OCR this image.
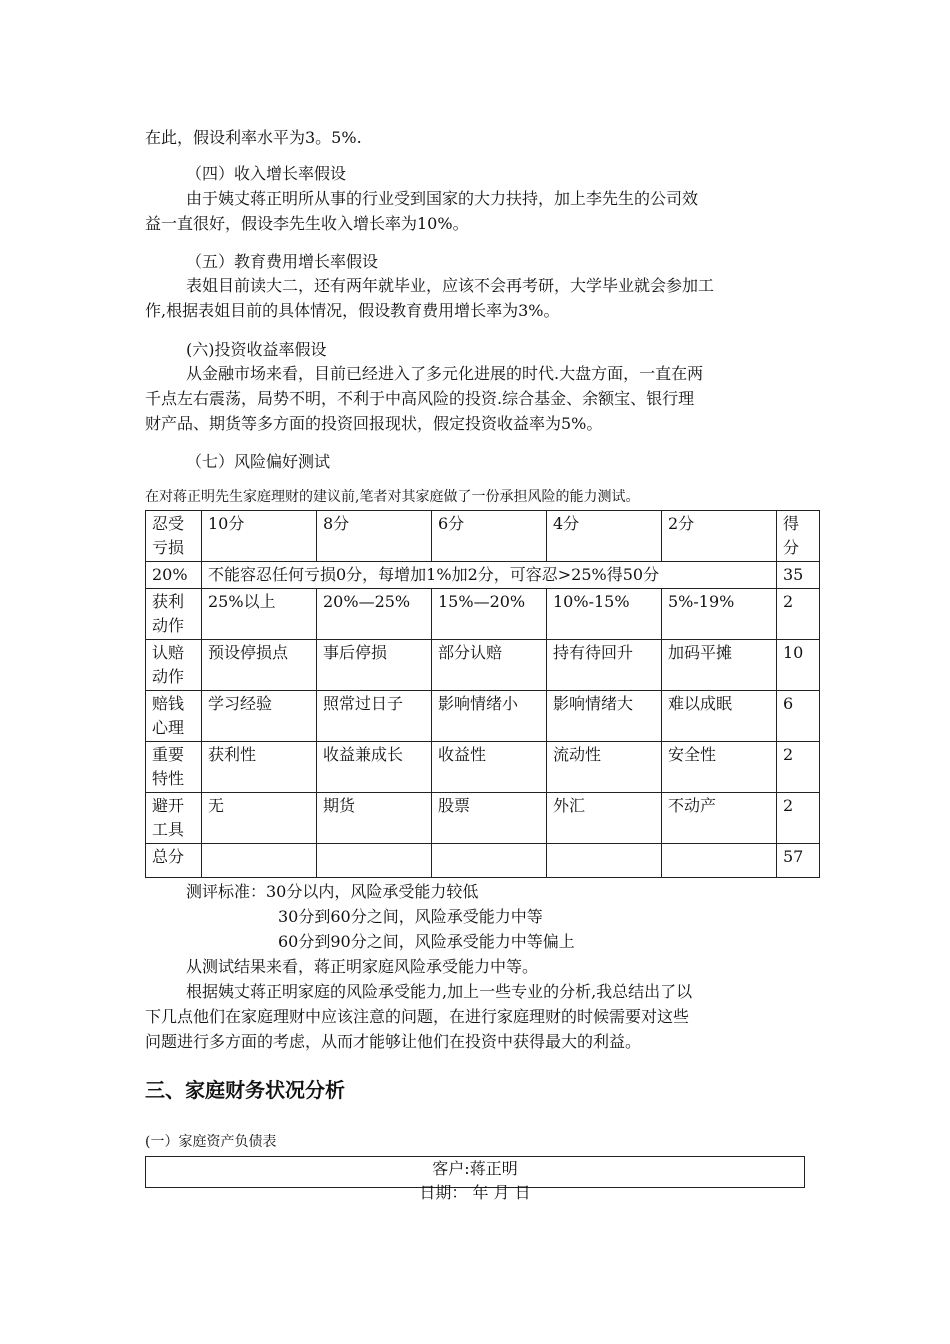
在此，假设利率水平为3。5%.
（四）收入增长率假设
由于姨丈蒋正明所从事的行业受到国家的大力扶持，加上李先生的公司效
益一直很好，假设李先生收入增长率为10%。
（五）教育费用增长率假设
表姐目前读大二，还有两年就毕业，应该不会再考研，大学毕业就会参加工
作,根据表姐目前的具体情况，假设教育费用增长率为3%。
(六)投资收益率假设
从金融市场来看，目前已经进入了多元化进展的时代.大盘方面，一直在两
千点左右震荡，局势不明，不利于中高风险的投资.综合基金、余额宝、银行理
财产品、期货等多方面的投资回报现状，假定投资收益率为5%。
（七）风险偏好测试
在对蒋正明先生家庭理财的建议前,笔者对其家庭做了一份承担风险的能力测试。
忍受亏损	10分	8分	6分	4分	2分	得分
20%	不能容忍任何亏损0分，每增加1%加2分，可容忍>25%得50分					35
获利动作	25%以上	20%—25%	15%—20%	10%-15%	5%-19%	2
认赔动作	预设停损点	事后停损	部分认赔	持有待回升	加码平摊	10
赔钱心理	学习经验	照常过日子	影响情绪小	影响情绪大	难以成眠	6
重要特性	获利性	收益兼成长	收益性	流动性	安全性	2
避开工具	无	期货	股票	外汇	不动产	2
总分						57
测评标准：30分以内，风险承受能力较低
30分到60分之间，风险承受能力中等
60分到90分之间，风险承受能力中等偏上
从测试结果来看，蒋正明家庭风险承受能力中等。
根据姨丈蒋正明家庭的风险承受能力,加上一些专业的分析,我总结出了以
下几点他们在家庭理财中应该注意的问题，在进行家庭理财的时候需要对这些
问题进行多方面的考虑，从而才能够让他们在投资中获得最大的利益。
三、家庭财务状况分析
(一）家庭资产负债表
客户:蒋正明
日期： 年 月 日
